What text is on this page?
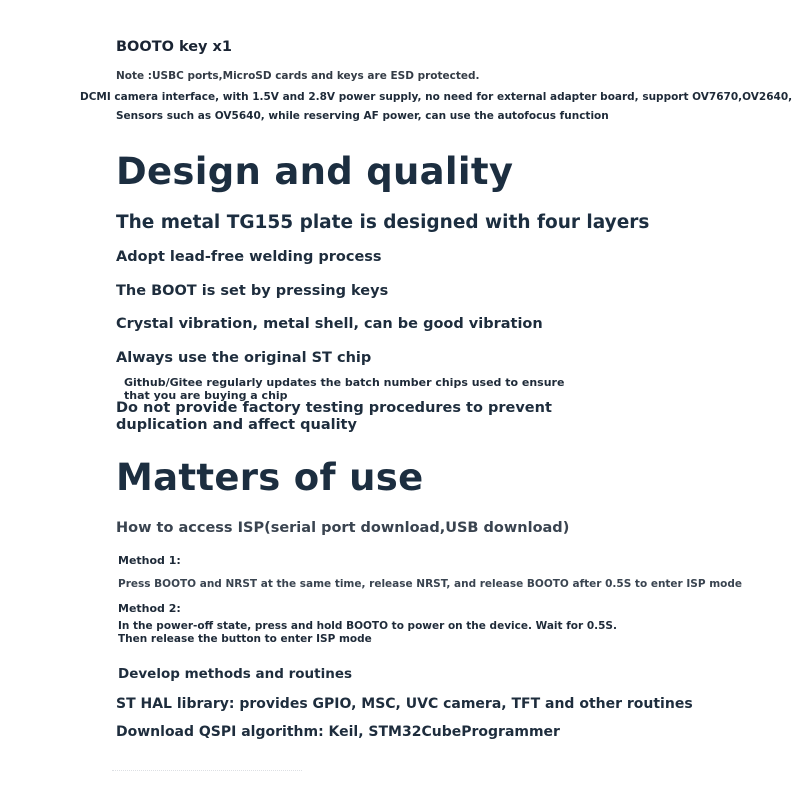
BOOTO key x1

Note :USBC ports,MicroSD cards and keys are ESD protected.

DCMI camera interface, with 1.5V and 2.8V power supply, no need for external adapter board, support OV7670,OV2640,

Sensors such as OV5640, while reserving AF power, can use the autofocus function

Design and quality
The metal TG155 plate is designed with four layers

Adopt lead-free welding process

The BOOT is set by pressing keys

Crystal vibration, metal shell, can be good vibration

Always use the original ST chip

Github/Gitee regularly updates the batch number chips used to ensure that you are buying a chip

Do not provide factory testing procedures to prevent duplication and affect quality

Matters of use

How to access ISP(serial port download,USB download)

Method 1:

Press BOOTO and NRST at the same time, release NRST, and release BOOTO after 0.5S to enter ISP mode

Method 2:

In the power-off state, press and hold BOOTO to power on the device. Wait for 0.5S. Then release the button to enter ISP mode

Develop methods and routines

ST HAL library: provides GPIO, MSC, UVC camera, TFT and other routines

Download QSPI algorithm: Keil, STM32CubeProgrammer
